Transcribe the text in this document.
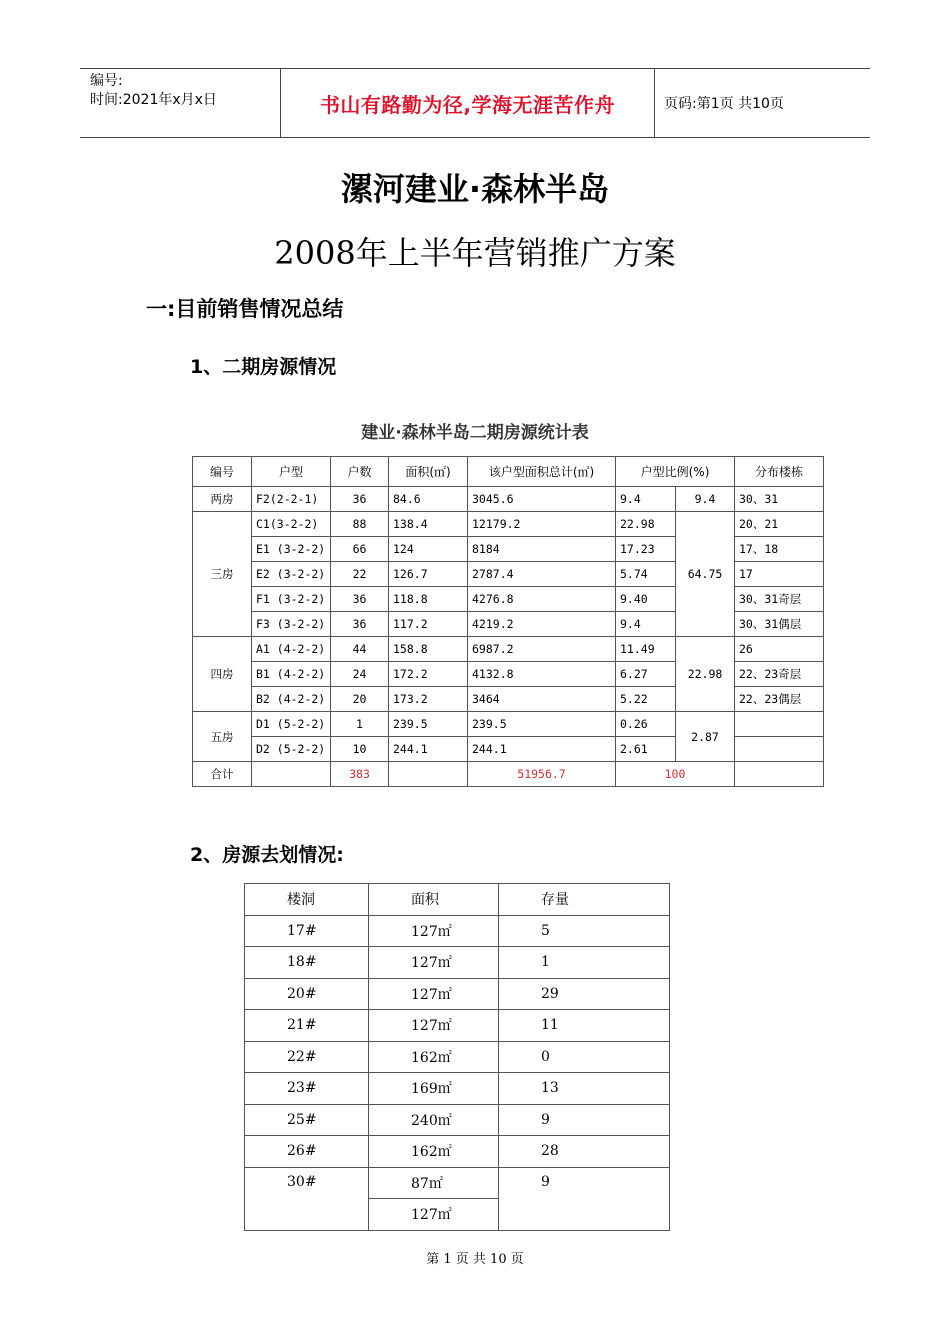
编号:
时间:2021年x月x日	书山有路勤为径,学海无涯苦作舟	页码:第1页 共10页
漯河建业·森林半岛
2008年上半年营销推广方案
一:目前销售情况总结
1、二期房源情况
建业·森林半岛二期房源统计表
编号	户型	户数	面积(㎡)	该户型面积总计(㎡)	户型比例(%)		分布楼栋
两房	F2(2-2-1)	36	84.6	3045.6	9.4	9.4	30、31
三房	C1(3-2-2)	88	138.4	12179.2	22.98	64.75	20、21
	E1 (3-2-2)	66	124	8184	17.23		17、18
	E2 (3-2-2)	22	126.7	2787.4	5.74		17
	F1 (3-2-2)	36	118.8	4276.8	9.40		30、31奇层
	F3 (3-2-2)	36	117.2	4219.2	9.4		30、31偶层
四房	A1 (4-2-2)	44	158.8	6987.2	11.49	22.98	26
	B1 (4-2-2)	24	172.2	4132.8	6.27		22、23奇层
	B2 (4-2-2)	20	173.2	3464	5.22		22、23偶层
五房	D1 (5-2-2)	1	239.5	239.5	0.26	2.87	
	D2 (5-2-2)	10	244.1	244.1	2.61		
合计		383		51956.7	100		
2、房源去划情况:
楼洞	面积	存量
17#	127㎡	5
18#	127㎡	1
20#	127㎡	29
21#	127㎡	11
22#	162㎡	0
23#	169㎡	13
25#	240㎡	9
26#	162㎡	28
30#	87㎡	9
	127㎡	
第 1 页 共 10 页
